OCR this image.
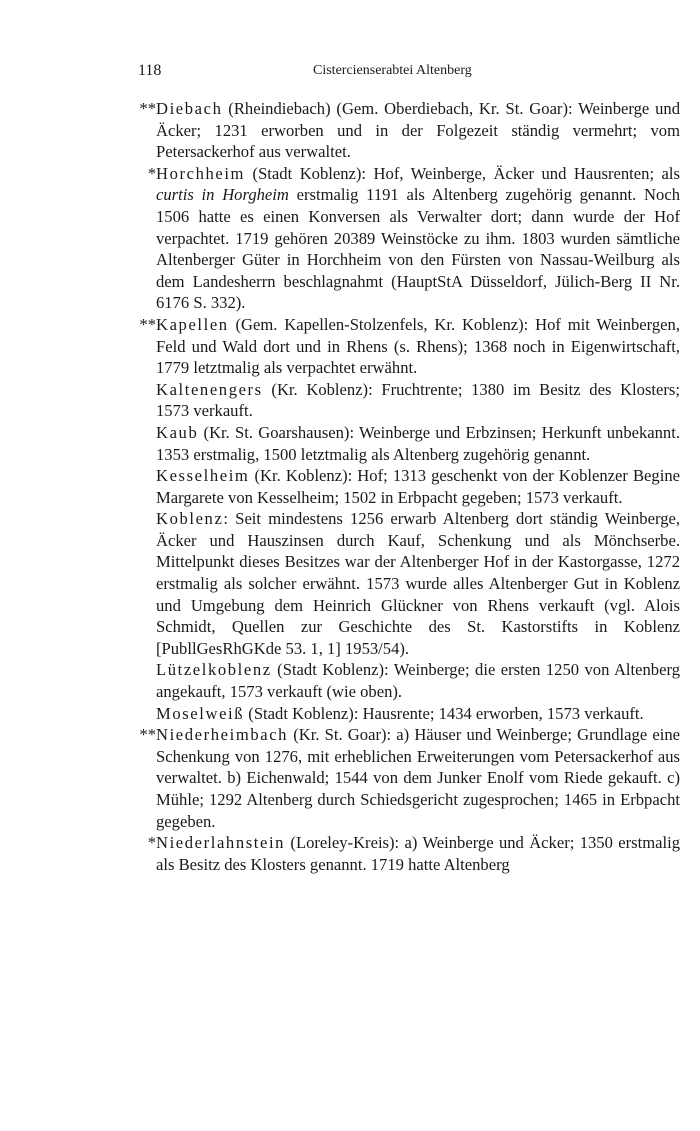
118	Cistercienserabtei Altenberg

** Diebach (Rheindiebach) (Gem. Oberdiebach, Kr. St. Goar): Weinberge und Äcker; 1231 erworben und in der Folgezeit ständig vermehrt; vom Petersackerhof aus verwaltet.

* Horchheim (Stadt Koblenz): Hof, Weinberge, Äcker und Hausrenten; als curtis in Horgheim erstmalig 1191 als Altenberg zugehörig genannt. Noch 1506 hatte es einen Konversen als Verwalter dort; dann wurde der Hof verpachtet. 1719 gehören 20389 Weinstöcke zu ihm. 1803 wurden sämtliche Altenberger Güter in Horchheim von den Fürsten von Nassau-Weilburg als dem Landesherrn beschlagnahmt (HauptStA Düsseldorf, Jülich-Berg II Nr. 6176 S. 332).

** Kapellen (Gem. Kapellen-Stolzenfels, Kr. Koblenz): Hof mit Weinbergen, Feld und Wald dort und in Rhens (s. Rhens); 1368 noch in Eigenwirtschaft, 1779 letztmalig als verpachtet erwähnt.

Kaltenengers (Kr. Koblenz): Fruchtrente; 1380 im Besitz des Klosters; 1573 verkauft.

Kaub (Kr. St. Goarshausen): Weinberge und Erbzinsen; Herkunft unbekannt. 1353 erstmalig, 1500 letztmalig als Altenberg zugehörig genannt.

Kesselheim (Kr. Koblenz): Hof; 1313 geschenkt von der Koblenzer Begine Margarete von Kesselheim; 1502 in Erbpacht gegeben; 1573 verkauft.

Koblenz: Seit mindestens 1256 erwarb Altenberg dort ständig Weinberge, Äcker und Hauszinsen durch Kauf, Schenkung und als Mönchserbe. Mittelpunkt dieses Besitzes war der Altenberger Hof in der Kastorgasse, 1272 erstmalig als solcher erwähnt. 1573 wurde alles Altenberger Gut in Koblenz und Umgebung dem Heinrich Glückner von Rhens verkauft (vgl. Alois Schmidt, Quellen zur Geschichte des St. Kastorstifts in Koblenz [PubllGesRhGKde 53. 1, 1] 1953/54).

Lützelkoblenz (Stadt Koblenz): Weinberge; die ersten 1250 von Altenberg angekauft, 1573 verkauft (wie oben).

Moselweiß (Stadt Koblenz): Hausrente; 1434 erworben, 1573 verkauft.

** Niederheimbach (Kr. St. Goar): a) Häuser und Weinberge; Grundlage eine Schenkung von 1276, mit erheblichen Erweiterungen vom Petersackerhof aus verwaltet. b) Eichenwald; 1544 von dem Junker Enolf vom Riede gekauft. c) Mühle; 1292 Altenberg durch Schiedsgericht zugesprochen; 1465 in Erbpacht gegeben.

* Niederlahnstein (Loreley-Kreis): a) Weinberge und Äcker; 1350 erstmalig als Besitz des Klosters genannt. 1719 hatte Altenberg
